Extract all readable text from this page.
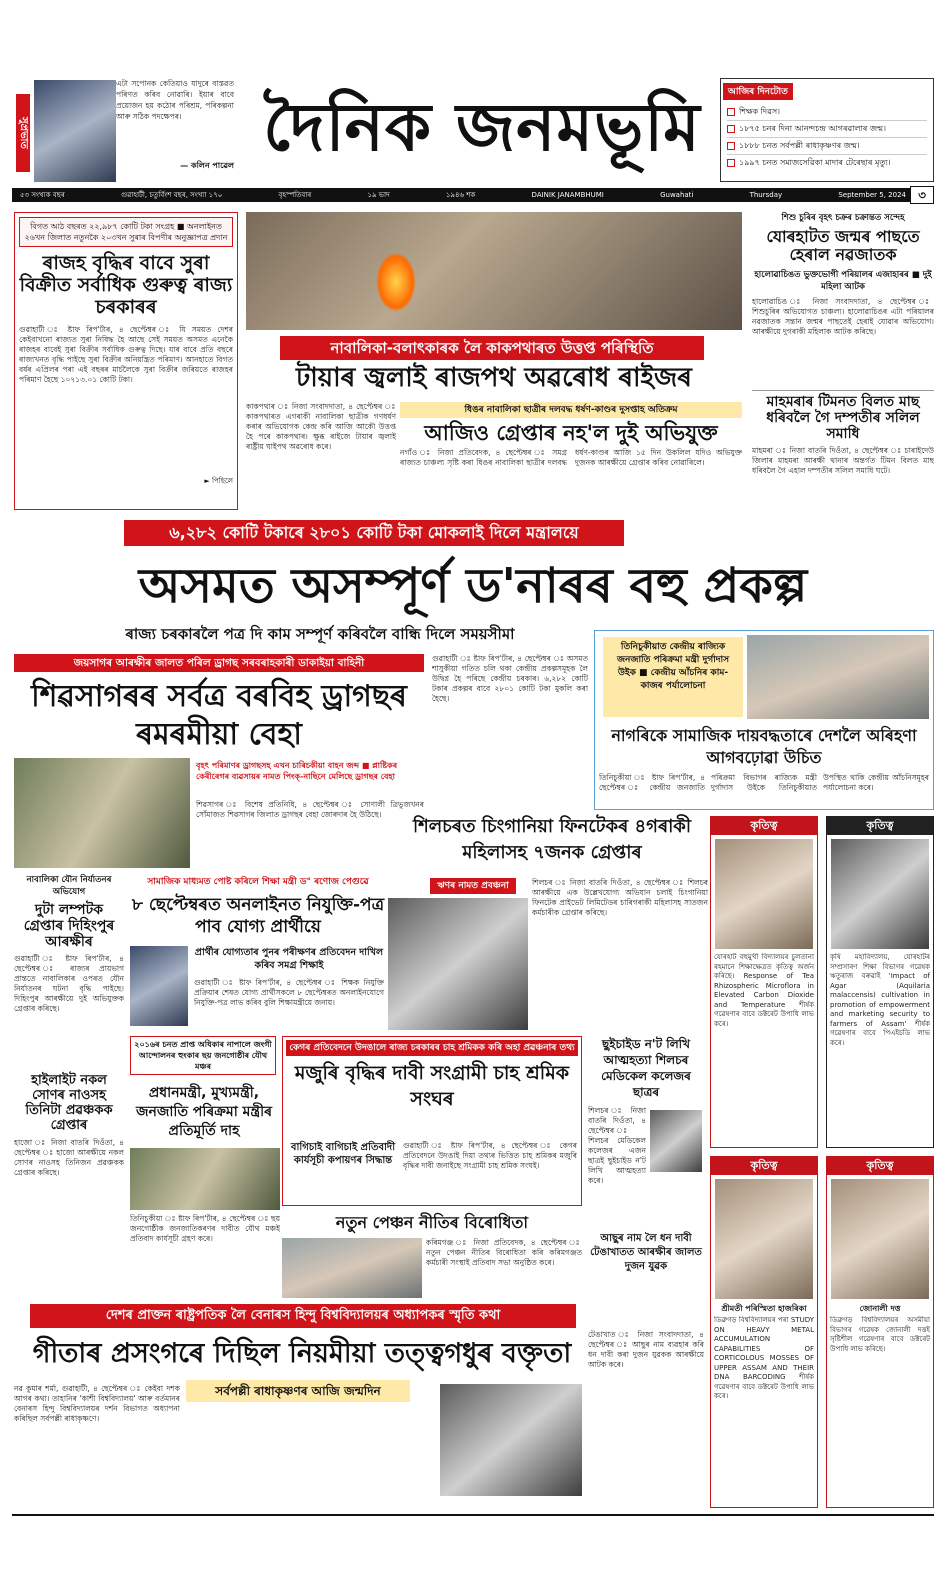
সুপ্ৰভাত
এটা সপোনক কেতিয়াও যাদুৰে বাস্তৱত পৰিণত কৰিব নোৱাৰি। ইয়াৰ বাবে প্ৰয়োজন হয় কঠোৰ পৰিশ্ৰম, পৰিকল্পনা আৰু সঠিক পদক্ষেপৰ।
— কলিন পাৱেল দৈনিক জনমভূমি	আজিৰ দিনটোত
শিক্ষক দিৱস।
১৮৭৫ চনৰ দিনা আনন্দচন্দ্ৰ আগৰৱালাৰ জন্ম।
১৮৮৮ চনত সৰ্বপল্লী ৰাধাকৃষ্ণণৰ জন্ম।
১৯৯৭ চনত সমাজসেৱিকা মাদাৰ টেৰেছাৰ মৃত্যু।
৫৩ সংখ্যক বছৰ	গুৱাহাটী, চতুৰ্বিংশ বছৰ, সংখ্যা ১৭০	বৃহস্পতিবাৰ	১৯ ভাদ	১৯৪৬ শক	DAINIK JANAMBHUMI	Guwahati	Thursday	September 5, 2024	৩
বিগত আঠ বছৰত ২২,৯৮৭ কোটি টকা সংগ্ৰহ ■ অনলাইনত ২৬খন জিলাত নতুনকৈ ২০৩খন সুৰাৰ বিপণীৰ অনুজ্ঞাপত্ৰ প্ৰদান
ৰাজহ বৃদ্ধিৰ বাবে সুৰা বিক্ৰীত সৰ্বাধিক গুৰুত্ব ৰাজ্য চৰকাৰৰ
গুৱাহাটী ঃ ষ্টাফ ৰিপ'ৰ্টাৰ, ৪ ছেপ্টেম্বৰ ঃ যি সময়ত দেশৰ কেইবাখনো ৰাজ্যত সুৰা নিষিদ্ধ হৈ আছে সেই সময়ত অসমত এনেকৈ ৰাজহৰ বাবেই সুৰা বিক্ৰীৰ সৰ্বাধিক গুৰুত্ব দিছে। যাৰ বাবে প্ৰতি বছৰে ৰাজ্যখনত বৃদ্ধি পাইছে সুৰা বিক্ৰীৰ অনিয়ন্ত্ৰিত পৰিমাণ। আনহাতে বিগত বৰ্ষৰ এপ্ৰিলৰ পৰা এই বছৰৰ মাৰ্চলৈকে সুৰা বিক্ৰীৰ জৰিয়তে ৰাজহৰ পৰিমাণ হৈছে ১০৭১৩.০১ কোটি টকা।
► পিছিলে
নাবালিকা-বলাৎকাৰক লৈ কাকপথাৰত উত্তপ্ত পৰিস্থিতি
টায়াৰ জ্বলাই ৰাজপথ অৱৰোধ ৰাইজৰ
কাকপথাৰ ঃ নিজা সংবাদদাতা, ৪ ছেপ্টেম্বৰ ঃ কাকপথাৰত এগৰাকী নাবালিকা ছাত্ৰীক গণধৰ্ষণ কৰাৰ অভিযোগক কেন্দ্ৰ কৰি আজি আকৌ উত্তপ্ত হৈ পৰে কাকপথাৰ। ক্ষুব্ধ ৰাইজে টায়াৰ জ্বলাই ৰাষ্ট্ৰীয় ঘাইপথ অৱৰোধ কৰে।
ধিঙৰ নাবালিকা ছাত্ৰীৰ দলবদ্ধ ধৰ্ষণ-কাণ্ডৰ দুসপ্তাহ অতিক্ৰম
আজিও গ্ৰেপ্তাৰ নহ'ল দুই অভিযুক্ত
নগাঁও ঃ নিজা প্ৰতিবেদক, ৪ ছেপ্টেম্বৰ ঃ সমগ্ৰ ৰাজ্যত চাঞ্চল্য সৃষ্টি কৰা ধিঙৰ নাবালিকা ছাত্ৰীৰ দলবদ্ধ ধৰ্ষণ-কাণ্ডৰ আজি ১৫ দিন উকলিল যদিও অভিযুক্ত দুজনক আৰক্ষীয়ে গ্ৰেপ্তাৰ কৰিব নোৱাৰিলে।
শিশু চুৰিৰ বৃহৎ চক্ৰৰ চক্ৰান্তত সন্দেহ
যোৰহাটত জন্মৰ পাছতে হেৰাল নৱজাতক
হালোৱাচিঙত ভুক্তভোগী পৰিয়ালৰ এজাহাৰৰ ■ দুই মহিলা আটক
হালোৱাচিঙ ঃ নিজা সংবাদদাতা, ৪ ছেপ্টেম্বৰ ঃ শিশুচুৰিৰ অভিযোগত চাঞ্চল্য। হালোৱাচিঙৰ এটা পৰিয়ালৰ নৱজাতক সন্তান জন্মৰ পাছতেই হেৰাই যোৱাৰ অভিযোগ। আৰক্ষীয়ে দুগৰাকী মহিলাক আটক কৰিছে।
মাহমৰাৰ টিমনত বিলত মাছ ধৰিবলৈ গৈ দম্পতীৰ সলিল সমাধি
মাহমৰা ঃ নিজা বাতৰি দিওঁতা, ৪ ছেপ্টেম্বৰ ঃ চাৰাইদেউ জিলাৰ মাহমৰা আৰক্ষী থানাৰ অন্তৰ্গত টিমন বিলত মাছ ধৰিবলৈ গৈ এহাল দম্পতীৰ সলিল সমাধি ঘটে।
৬,২৮২ কোটি টকাৰে ২৮০১ কোটি টকা মোকলাই দিলে মন্ত্ৰালয়ে
অসমত অসম্পূৰ্ণ ড'নাৰৰ বহু প্ৰকল্প
ৰাজ্য চৰকাৰলৈ পত্ৰ দি কাম সম্পূৰ্ণ কৰিবলৈ বান্ধি দিলে সময়সীমা
জয়সাগৰ আৰক্ষীৰ জালত পৰিল ড্ৰাগছ সৰবৰাহকাৰী ডাকাইয়া বাহিনী
শিৱসাগৰৰ সৰ্বত্ৰ বৰবিহ ড্ৰাগছৰ ৰমৰমীয়া বেহা
বৃহৎ পৰিমাণৰ ড্ৰাগছসহ এখন চাৰিচকীয়া বাহন জব্দ ■ প্লাষ্টিকৰ কেৰীৰেগৰ ব্যৱসায়ৰ নামত পিংক্‌-নাছিনে মেলিছে ড্ৰাগছৰ বেহা
শিৱসাগৰ ঃ বিশেষ প্ৰতিনিধি, ৪ ছেপ্টেম্বৰ ঃ সোণালী ত্ৰিভুজখনৰ সোঁমাজত শিৱসাগৰ জিলাত ড্ৰাগছৰ বেহা জোৰদাৰ হৈ উঠিছে।
গুৱাহাটী ঃ ষ্টাফ ৰিপ'ৰ্টাৰ, ৪ ছেপ্টেম্বৰ ঃ অসমত শাসুকীয়া গতিত চলি থকা কেন্দ্ৰীয় প্ৰকল্পসমূহক লৈ উদ্বিগ্ন হৈ পৰিছে কেন্দ্ৰীয় চৰকাৰ। ৬,২৮২ কোটি টকাৰ প্ৰকল্পৰ বাবে ২৮০১ কোটি টকা মুকলি কৰা হৈছে।
তিনিচুকীয়াত কেন্দ্ৰীয় ৰাজ্যিক জনজাতি পৰিক্ৰমা মন্ত্ৰী দুৰ্গাদাস উইক ■ কেন্দ্ৰীয় আঁচনিৰ কাম-কাজৰ পৰ্যালোচনা
নাগৰিকে সামাজিক দায়বদ্ধতাৰে দেশলৈ অৰিহণা আগবঢ়োৱা উচিত
তিনিচুকীয়া ঃ ষ্টাফ ৰিপ'ৰ্টাৰ, ৪ ছেপ্টেম্বৰ ঃ কেন্দ্ৰীয় জনজাতি পৰিক্ৰমা বিভাগৰ ৰাজ্যিক মন্ত্ৰী দুৰ্গাদাস উইকে তিনিচুকীয়াত উপস্থিত থাকি কেন্দ্ৰীয় আঁচনিসমূহৰ পৰ্যালোচনা কৰে।
শিলচৰত চিংগানিয়া ফিনটেকৰ ৪গৰাকী মহিলাসহ ৭জনক গ্ৰেপ্তাৰ
ঋণৰ নামত প্ৰবঞ্চনা	শিলচৰ ঃ নিজা বাতৰি দিওঁতা, ৪ ছেপ্টেম্বৰ ঃ শিলচৰ আৰক্ষীয়ে এক উল্লেখযোগ্য অভিযান চলাই চিংগানিয়া ফিনটেক প্ৰাইভেট লিমিটেডৰ চাৰিগৰাকী মহিলাসহ সাতজন কৰ্মচাৰীক গ্ৰেপ্তাৰ কৰিছে।
কৃতিত্ব
যোৰহাট বহুমুখী বিদ্যালয়ৰ চুলতানা ৰহমানে শিক্ষাক্ষেত্ৰত কৃতিত্ব অৰ্জন কৰিছে। Response of Tea Rhizospheric Microflora in Elevated Carbon Dioxide and Temperature শীৰ্ষক গৱেষণাৰ বাবে ডক্টৰেট উপাধি লাভ কৰে।
কৃতিত্ব
কৃষি মহাবিদ্যালয়, যোৰহাটৰ সম্প্ৰসাৰণ শিক্ষা বিভাগৰ গৱেষক ঋতুৰাজ বৰুৱাই 'Impact of Agar (Aquilaria malaccensis) cultivation in promotion of empowerment and marketing security to farmers of Assam' শীৰ্ষক গৱেষণাৰ বাবে পিএইচডি লাভ কৰে।
কৃতিত্ব
শ্ৰীমতী পৰিস্মিতা হাজৰিকা
ডিব্ৰুগড় বিশ্ববিদ্যালয়ৰ পৰা STUDY ON HEAVY METAL ACCUMULATION CAPABILITIES OF CORTICOLOUS MOSSES OF UPPER ASSAM AND THEIR DNA BARCODING শীৰ্ষক গৱেষণাৰ বাবে ডক্টৰেট উপাধি লাভ কৰে।
কৃতিত্ব
জোনালী দত্ত
ডিব্ৰুগড় বিশ্ববিদ্যালয়ৰ অসমীয়া বিভাগৰ গৱেষক জোনালী দত্তই সৃষ্টিশীল গৱেষণাৰ বাবে ডক্টৰেট উপাধি লাভ কৰিছে।
নাবালিকা যৌন নিৰ্যাতনৰ অভিযোগ
দুটা লম্পটক গ্ৰেপ্তাৰ দিহিংপুৰ আৰক্ষীৰ
গুৱাহাটী ঃ ষ্টাফ ৰিপ'ৰ্টাৰ, ৪ ছেপ্টেম্বৰ ঃ ৰাজ্যৰ প্ৰায়ভাগ প্ৰান্ততে নাবালিকাৰ ওপৰত যৌন নিৰ্যাতনৰ ঘটনা বৃদ্ধি পাইছে। দিহিংপুৰ আৰক্ষীয়ে দুই অভিযুক্তক গ্ৰেপ্তাৰ কৰিছে।
হাইলাইট নকল সোণৰ নাওসহ তিনিটা প্ৰৱঞ্চকক গ্ৰেপ্তাৰ
হাজো ঃ নিজা বাতৰি দিওঁতা, ৪ ছেপ্টেম্বৰ ঃ হাজো আৰক্ষীয়ে নকল সোণৰ নাওসহ তিনিজন প্ৰৱঞ্চকক গ্ৰেপ্তাৰ কৰিছে।
সামাজিক মাধ্যমত পোষ্ট কৰিলে শিক্ষা মন্ত্ৰী ড° ৰণোজ পেগুৱে
৮ ছেপ্টেম্বৰত অনলাইনত নিযুক্তি-পত্ৰ পাব যোগ্য প্ৰাৰ্থীয়ে
প্ৰাৰ্থীৰ যোগ্যতাৰ পুনৰ পৰীক্ষণৰ প্ৰতিবেদন দাখিল কৰিব সমগ্ৰ শিক্ষাই
গুৱাহাটী ঃ ষ্টাফ ৰিপ'ৰ্টাৰ, ৪ ছেপ্টেম্বৰ ঃ শিক্ষক নিযুক্তি প্ৰক্ৰিয়াৰ শেষত যোগ্য প্ৰাৰ্থীসকলে ৮ ছেপ্টেম্বৰত অনলাইনযোগে নিযুক্তি-পত্ৰ লাভ কৰিব বুলি শিক্ষামন্ত্ৰীয়ে জনায়।
২০১৬ৰ চনত প্ৰাপ্ত অধিকাৰ নাপালে জংগী আন্দোলনৰ হুংকাৰ ছয় জনগোষ্ঠীৰ যৌথ মঞ্চৰ
প্ৰধানমন্ত্ৰী, মুখ্যমন্ত্ৰী, জনজাতি পৰিক্ৰমা মন্ত্ৰীৰ প্ৰতিমূৰ্তি দাহ
তিনিচুকীয়া ঃ ষ্টাফ ৰিপ'ৰ্টাৰ, ৪ ছেপ্টেম্বৰ ঃ ছয় জনগোষ্ঠীক জনজাতিকৰণৰ দাবীত যৌথ মঞ্চই প্ৰতিবাদ কাৰ্যসূচী গ্ৰহণ কৰে।
কেগৰ প্ৰতিবেদনে উদঙালে ৰাজ্য চৰকাৰৰ চাহ শ্ৰমিকক কৰি অহা প্ৰৱঞ্চনাৰ তথ্য
মজুৰি বৃদ্ধিৰ দাবী সংগ্ৰামী চাহ শ্ৰমিক সংঘৰ
বাগিচাই বাগিচাই প্ৰতিবাদী কাৰ্যসূচী কপায়ণৰ সিদ্ধান্ত
গুৱাহাটী ঃ ষ্টাফ ৰিপ'ৰ্টাৰ, ৪ ছেপ্টেম্বৰ ঃ কেগৰ প্ৰতিবেদনে উদঙাই দিয়া তথ্যৰ ভিত্তিত চাহ শ্ৰমিকৰ মজুৰি বৃদ্ধিৰ দাবী জনাইছে সংগ্ৰামী চাহ শ্ৰমিক সংঘই।
নতুন পেঞ্চন নীতিৰ বিৰোধিতা
কৰিমগঞ্জ ঃ নিজা প্ৰতিবেদক, ৪ ছেপ্টেম্বৰ ঃ নতুন পেঞ্চন নীতিৰ বিৰোধিতা কৰি কৰিমগঞ্জত কৰ্মচাৰী সংস্থাই প্ৰতিবাদ সভা অনুষ্ঠিত কৰে।
ছুইচাইড ন'ট লিখি আত্মহত্যা শিলচৰ মেডিকেল কলেজৰ ছাত্ৰৰ
শিলচৰ ঃ নিজা বাতৰি দিওঁতা, ৪ ছেপ্টেম্বৰ ঃ শিলচৰ মেডিকেল কলেজৰ এজন ছাত্ৰই ছুইচাইড ন'ট লিখি আত্মহত্যা কৰে।
আছুৰ নাম লৈ ধন দাবী টেঙাখাতত আৰক্ষীৰ জালত দুজন যুৱক
টেঙাখাত ঃ নিজা সংবাদদাতা, ৪ ছেপ্টেম্বৰ ঃ আছুৰ নাম ব্যৱহাৰ কৰি ধন দাবী কৰা দুজন যুৱকক আৰক্ষীয়ে আটক কৰে।
দেশৰ প্ৰাক্তন ৰাষ্ট্ৰপতিক লৈ বেনাৰস হিন্দু বিশ্ববিদ্যালয়ৰ অধ্যাপকৰ স্মৃতি কথা
গীতাৰ প্ৰসংগৰে দিছিল নিয়মীয়া তত্ত্বগধুৰ বক্তৃতা
সৰ্বপল্লী ৰাধাকৃষ্ণণৰ আজি জন্মদিন
নৱ কুমাৰ শৰ্মা, গুৱাহাটী, ৪ ছেপ্টেম্বৰ ঃ কেইবা দশক আগৰ কথা। তাহানিৰ 'কাশী বিশ্ববিদ্যালয়' আৰু বৰ্তমানৰ বেনাৰস হিন্দু বিশ্ববিদ্যালয়ৰ দৰ্শন বিভাগত অধ্যাপনা কৰিছিল সৰ্বপল্লী ৰাধাকৃষ্ণণে।
